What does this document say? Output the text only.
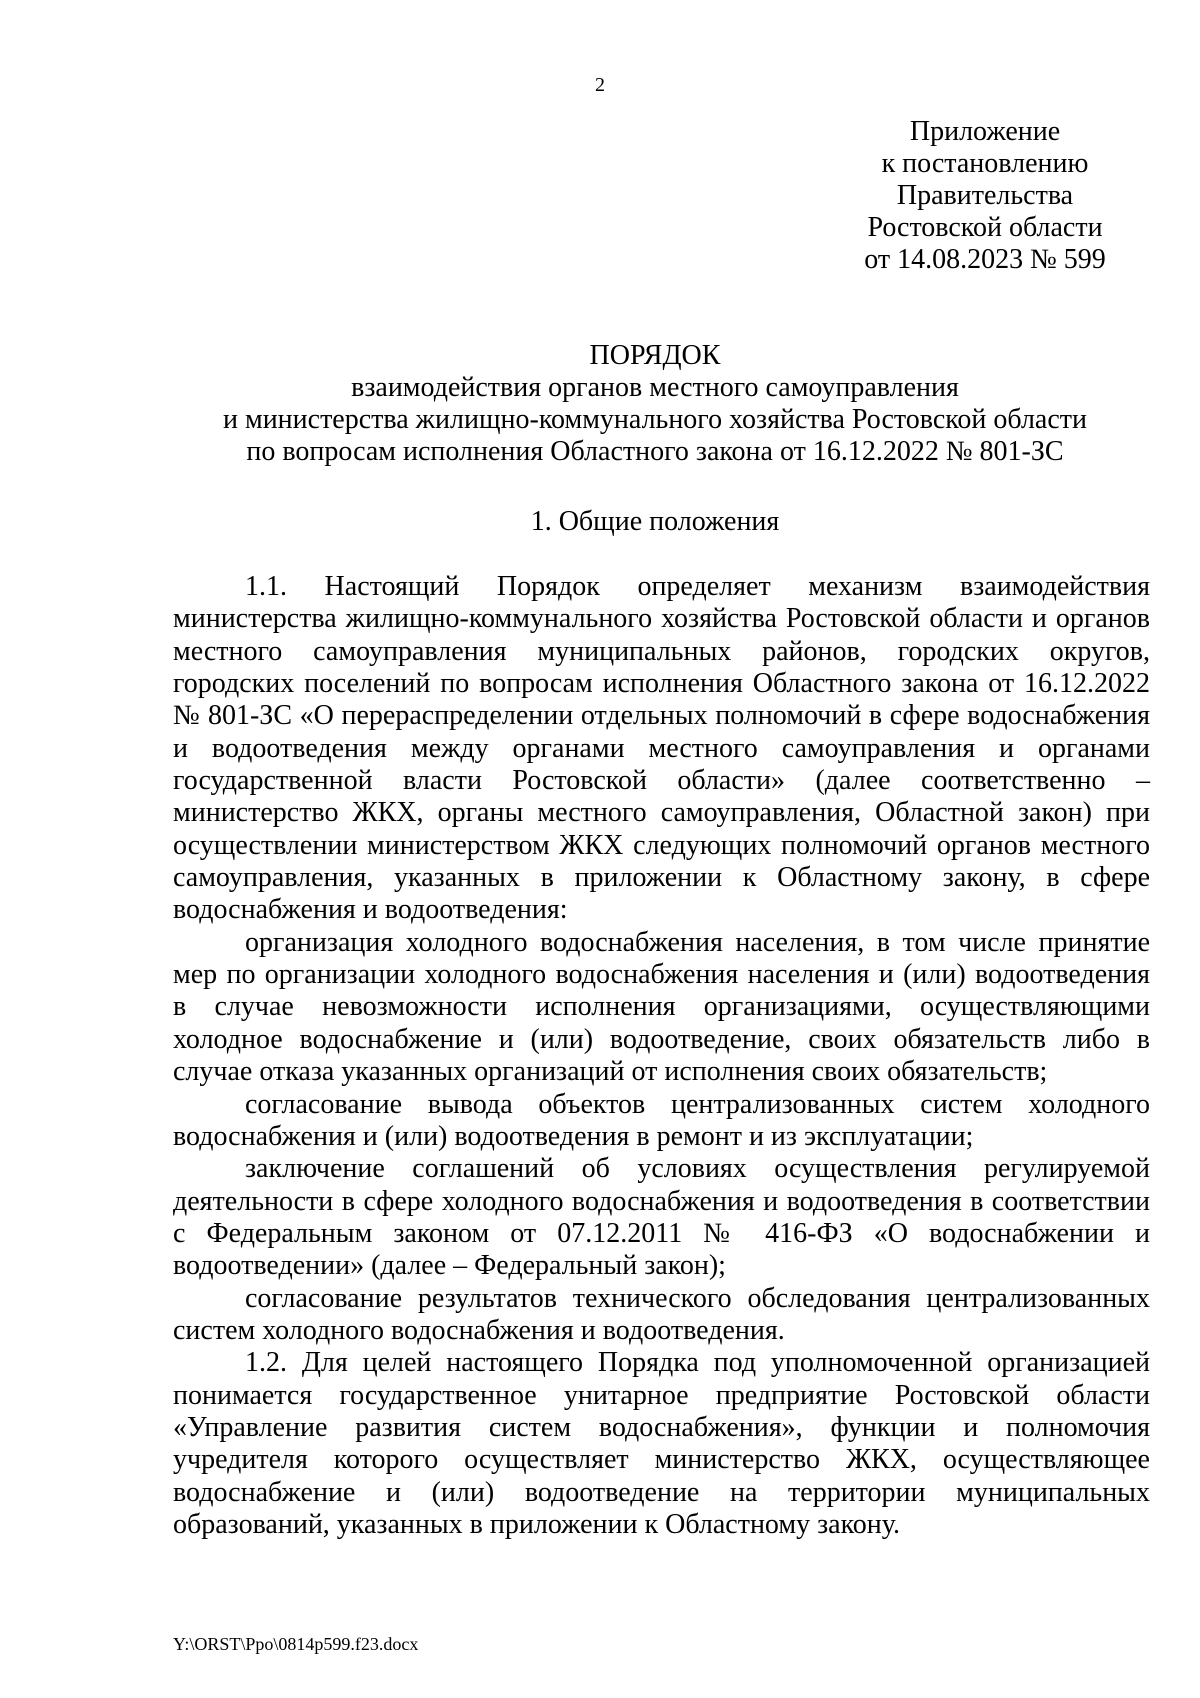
2
Приложение
к постановлению
Правительства
Ростовской области
от 14.08.2023 № 599
ПОРЯДОК
взаимодействия органов местного самоуправления
и министерства жилищно-коммунального хозяйства Ростовской области
по вопросам исполнения Областного закона от 16.12.2022 № 801-ЗС
1. Общие положения

1.1. Настоящий Порядок определяет механизм взаимодействия министерства жилищно-коммунального хозяйства Ростовской области и органов местного самоуправления муниципальных районов, городских округов, городских поселений по вопросам исполнения Областного закона от 16.12.2022 № 801-ЗС «О перераспределении отдельных полномочий в сфере водоснабжения и водоотведения между органами местного самоуправления и органами государственной власти Ростовской области» (далее соответственно – министерство ЖКХ, органы местного самоуправления, Областной закон) при осуществлении министерством ЖКХ следующих полномочий органов местного самоуправления, указанных в приложении к Областному закону, в сфере водоснабжения и водоотведения:

организация холодного водоснабжения населения, в том числе принятие мер по организации холодного водоснабжения населения и (или) водоотведения в случае невозможности исполнения организациями, осуществляющими холодное водоснабжение и (или) водоотведение, своих обязательств либо в случае отказа указанных организаций от исполнения своих обязательств;

согласование вывода объектов централизованных систем холодного водоснабжения и (или) водоотведения в ремонт и из эксплуатации;

заключение соглашений об условиях осуществления регулируемой деятельности в сфере холодного водоснабжения и водоотведения в соответствии с Федеральным законом от 07.12.2011 № 416-ФЗ «О водоснабжении и водоотведении» (далее – Федеральный закон);

согласование результатов технического обследования централизованных систем холодного водоснабжения и водоотведения.

1.2. Для целей настоящего Порядка под уполномоченной организацией понимается государственное унитарное предприятие Ростовской области «Управление развития систем водоснабжения», функции и полномочия учредителя которого осуществляет министерство ЖКХ, осуществляющее водоснабжение и (или) водоотведение на территории муниципальных образований, указанных в приложении к Областному закону.

Y:\ORST\Ppo\0814p599.f23.docx
